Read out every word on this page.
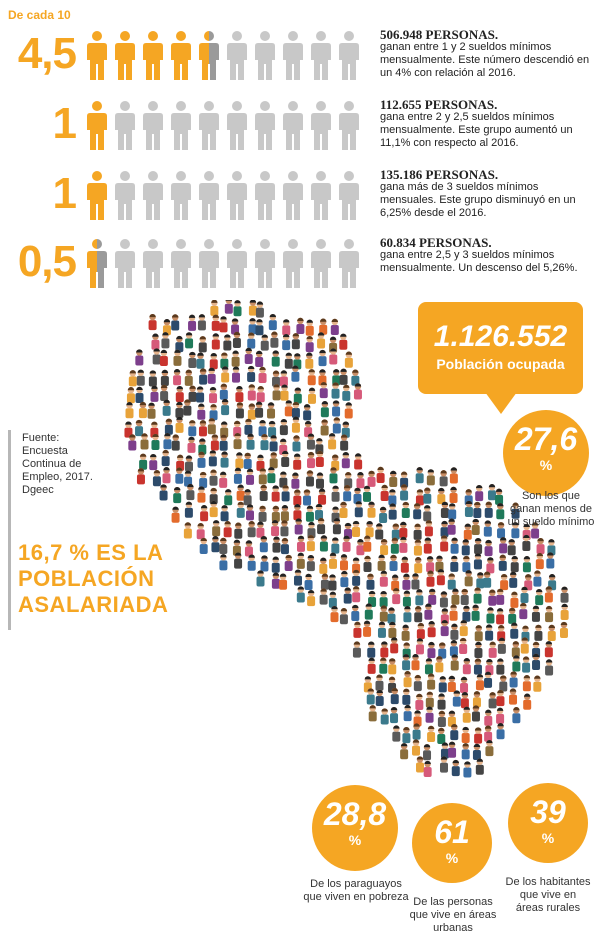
De cada 10
4,5	506.948 PERSONAS.
ganan entre 1 y 2 sueldos mínimos mensualmente. Este número descendió en un 4% con relación al 2016.
1	112.655 PERSONAS.
gana entre 2 y 2,5 sueldos mínimos mensualmente. Este grupo aumentó un 11,1% con respecto al 2016.
1	135.186 PERSONAS.
gana más de 3 sueldos mínimos mensuales. Este grupo disminuyó en un 6,25% desde el 2016.
0,5	60.834 PERSONAS.
gana entre 2,5 y 3 sueldos mínimos mensualmente. Un descenso del 5,26%.
Fuente: Encuesta Continua de Empleo, 2017. Dgeec
16,7 % ES LA POBLACIÓN ASALARIADA
1.126.552
Población ocupada
27,6
%
Son los que ganan menos de un sueldo mínimo
28,8
%
De los paraguayos que viven en pobreza
61
%
De las personas que vive en áreas urbanas
39
%
De los habitantes que vive en áreas rurales
